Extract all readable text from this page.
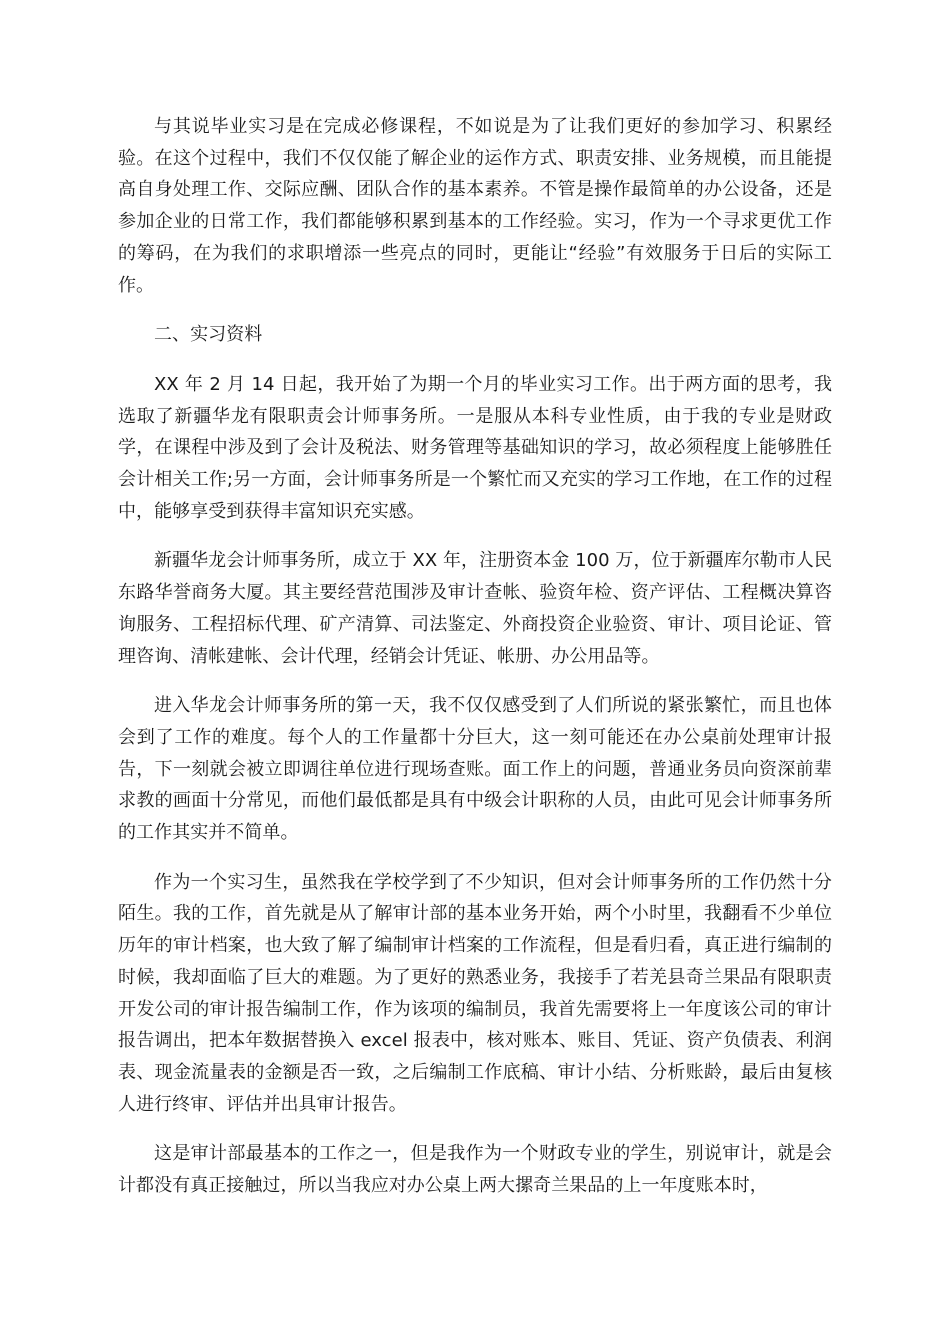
与其说毕业实习是在完成必修课程，不如说是为了让我们更好的参加学习、积累经验。在这个过程中，我们不仅仅能了解企业的运作方式、职责安排、业务规模，而且能提高自身处理工作、交际应酬、团队合作的基本素养。不管是操作最简单的办公设备，还是参加企业的日常工作，我们都能够积累到基本的工作经验。实习，作为一个寻求更优工作的筹码，在为我们的求职增添一些亮点的同时，更能让“经验”有效服务于日后的实际工作。

二、实习资料

XX 年 2 月 14 日起，我开始了为期一个月的毕业实习工作。出于两方面的思考，我选取了新疆华龙有限职责会计师事务所。一是服从本科专业性质，由于我的专业是财政学，在课程中涉及到了会计及税法、财务管理等基础知识的学习，故必须程度上能够胜任会计相关工作;另一方面，会计师事务所是一个繁忙而又充实的学习工作地，在工作的过程中，能够享受到获得丰富知识充实感。

新疆华龙会计师事务所，成立于 XX 年，注册资本金 100 万，位于新疆库尔勒市人民东路华誉商务大厦。其主要经营范围涉及审计查帐、验资年检、资产评估、工程概决算咨询服务、工程招标代理、矿产清算、司法鉴定、外商投资企业验资、审计、项目论证、管理咨询、清帐建帐、会计代理，经销会计凭证、帐册、办公用品等。

进入华龙会计师事务所的第一天，我不仅仅感受到了人们所说的紧张繁忙，而且也体会到了工作的难度。每个人的工作量都十分巨大，这一刻可能还在办公桌前处理审计报告，下一刻就会被立即调往单位进行现场查账。面工作上的问题，普通业务员向资深前辈求教的画面十分常见，而他们最低都是具有中级会计职称的人员，由此可见会计师事务所的工作其实并不简单。

作为一个实习生，虽然我在学校学到了不少知识，但对会计师事务所的工作仍然十分陌生。我的工作，首先就是从了解审计部的基本业务开始，两个小时里，我翻看不少单位历年的审计档案，也大致了解了编制审计档案的工作流程，但是看归看，真正进行编制的时候，我却面临了巨大的难题。为了更好的熟悉业务，我接手了若羌县奇兰果品有限职责开发公司的审计报告编制工作，作为该项的编制员，我首先需要将上一年度该公司的审计报告调出，把本年数据替换入 excel 报表中，核对账本、账目、凭证、资产负债表、利润表、现金流量表的金额是否一致，之后编制工作底稿、审计小结、分析账龄，最后由复核人进行终审、评估并出具审计报告。

这是审计部最基本的工作之一，但是我作为一个财政专业的学生，别说审计，就是会计都没有真正接触过，所以当我应对办公桌上两大摞奇兰果品的上一年度账本时，
